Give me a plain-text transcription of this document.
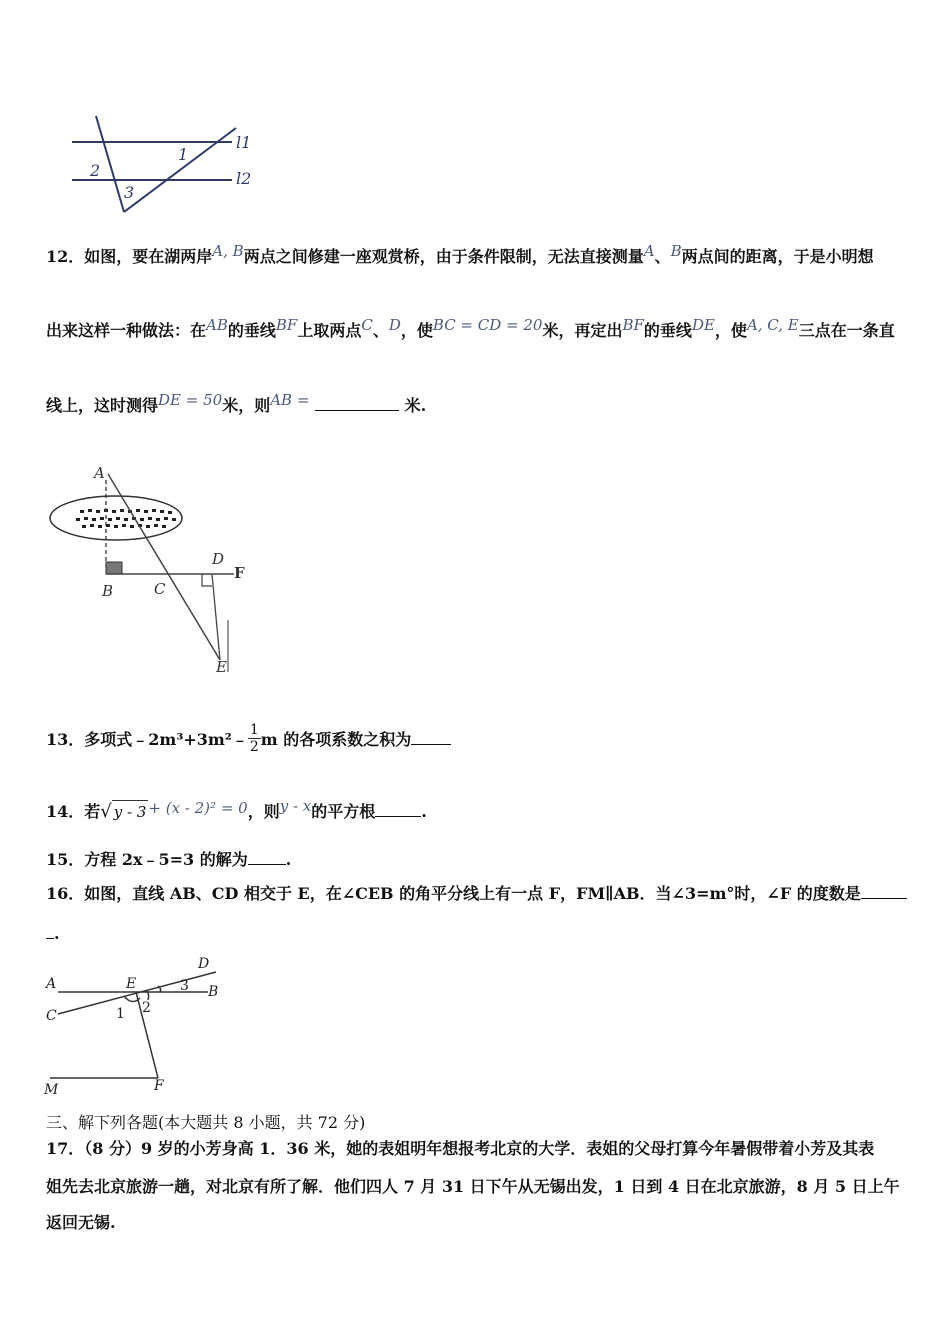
1
2
3
l1
l2
12．如图，要在湖两岸A, B两点之间修建一座观赏桥，由于条件限制，无法直接测量A、B两点间的距离，于是小明想
出来这样一种做法：在AB的垂线BF上取两点C、D，使BC = CD = 20米，再定出BF的垂线DE，使A, C, E三点在一条直
线上，这时测得DE = 50米，则AB =	米.
A
B	C
D
F
E
13．多项式﹣2m³+3m²﹣ $\frac{1}{2}$ m 的各项系数之积为
14．若√ y - 3 + (x - 2)² = 0，则y - x的平方根	.
15．方程 2x﹣5=3 的解为 .
16．如图，直线 AB、CD 相交于 E，在∠CEB 的角平分线上有一点 F，FM∥AB．当∠3=m°时，∠F 的度数是
.
A	E
D
3 B
C	1 2
M	F
三、解下列各题(本大题共 8 小题，共 72 分)
17．（8 分）9 岁的小芳身高 1．36 米，她的表姐明年想报考北京的大学．表姐的父母打算今年暑假带着小芳及其表
姐先去北京旅游一趟，对北京有所了解．他们四人 7 月 31 日下午从无锡出发，1 日到 4 日在北京旅游，8 月 5 日上午
返回无锡.
